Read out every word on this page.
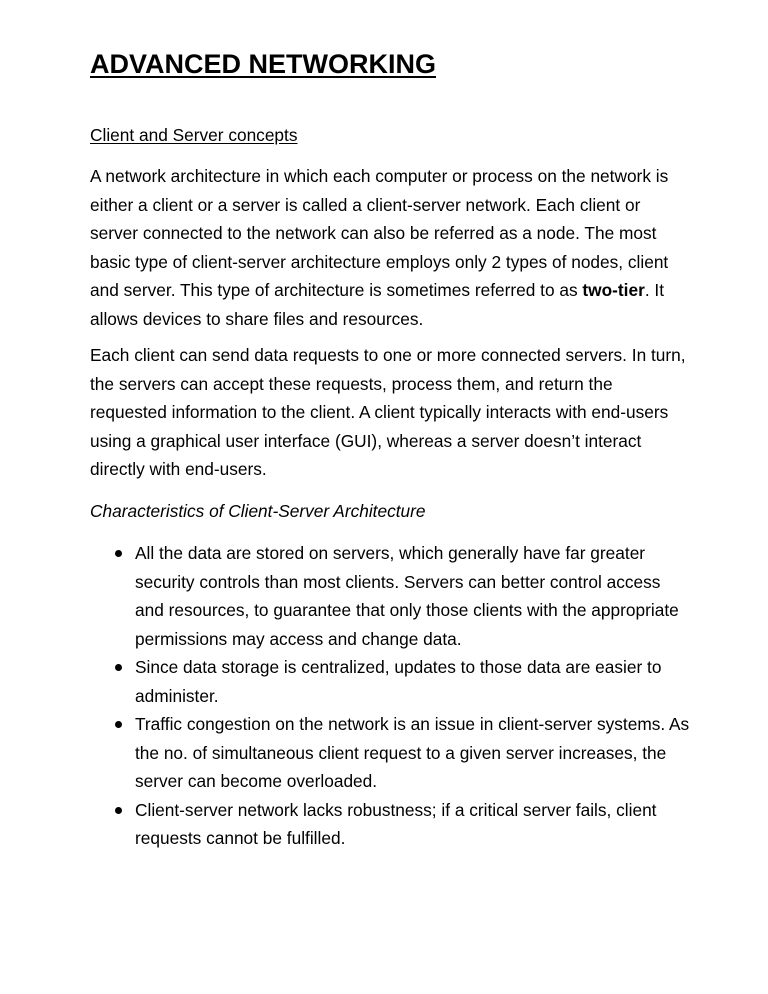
ADVANCED NETWORKING

Client and Server concepts

A network architecture in which each computer or process on the network is either a client or a server is called a client-server network. Each client or server connected to the network can also be referred as a node. The most basic type of client-server architecture employs only 2 types of nodes, client and server. This type of architecture is sometimes referred to as two-tier. It allows devices to share files and resources.

Each client can send data requests to one or more connected servers. In turn, the servers can accept these requests, process them, and return the requested information to the client. A client typically interacts with end-users using a graphical user interface (GUI), whereas a server doesn’t interact directly with end-users.

Characteristics of Client-Server Architecture

All the data are stored on servers, which generally have far greater security controls than most clients. Servers can better control access and resources, to guarantee that only those clients with the appropriate permissions may access and change data.
Since data storage is centralized, updates to those data are easier to administer.
Traffic congestion on the network is an issue in client-server systems. As the no. of simultaneous client request to a given server increases, the server can become overloaded.
Client-server network lacks robustness; if a critical server fails, client requests cannot be fulfilled.
